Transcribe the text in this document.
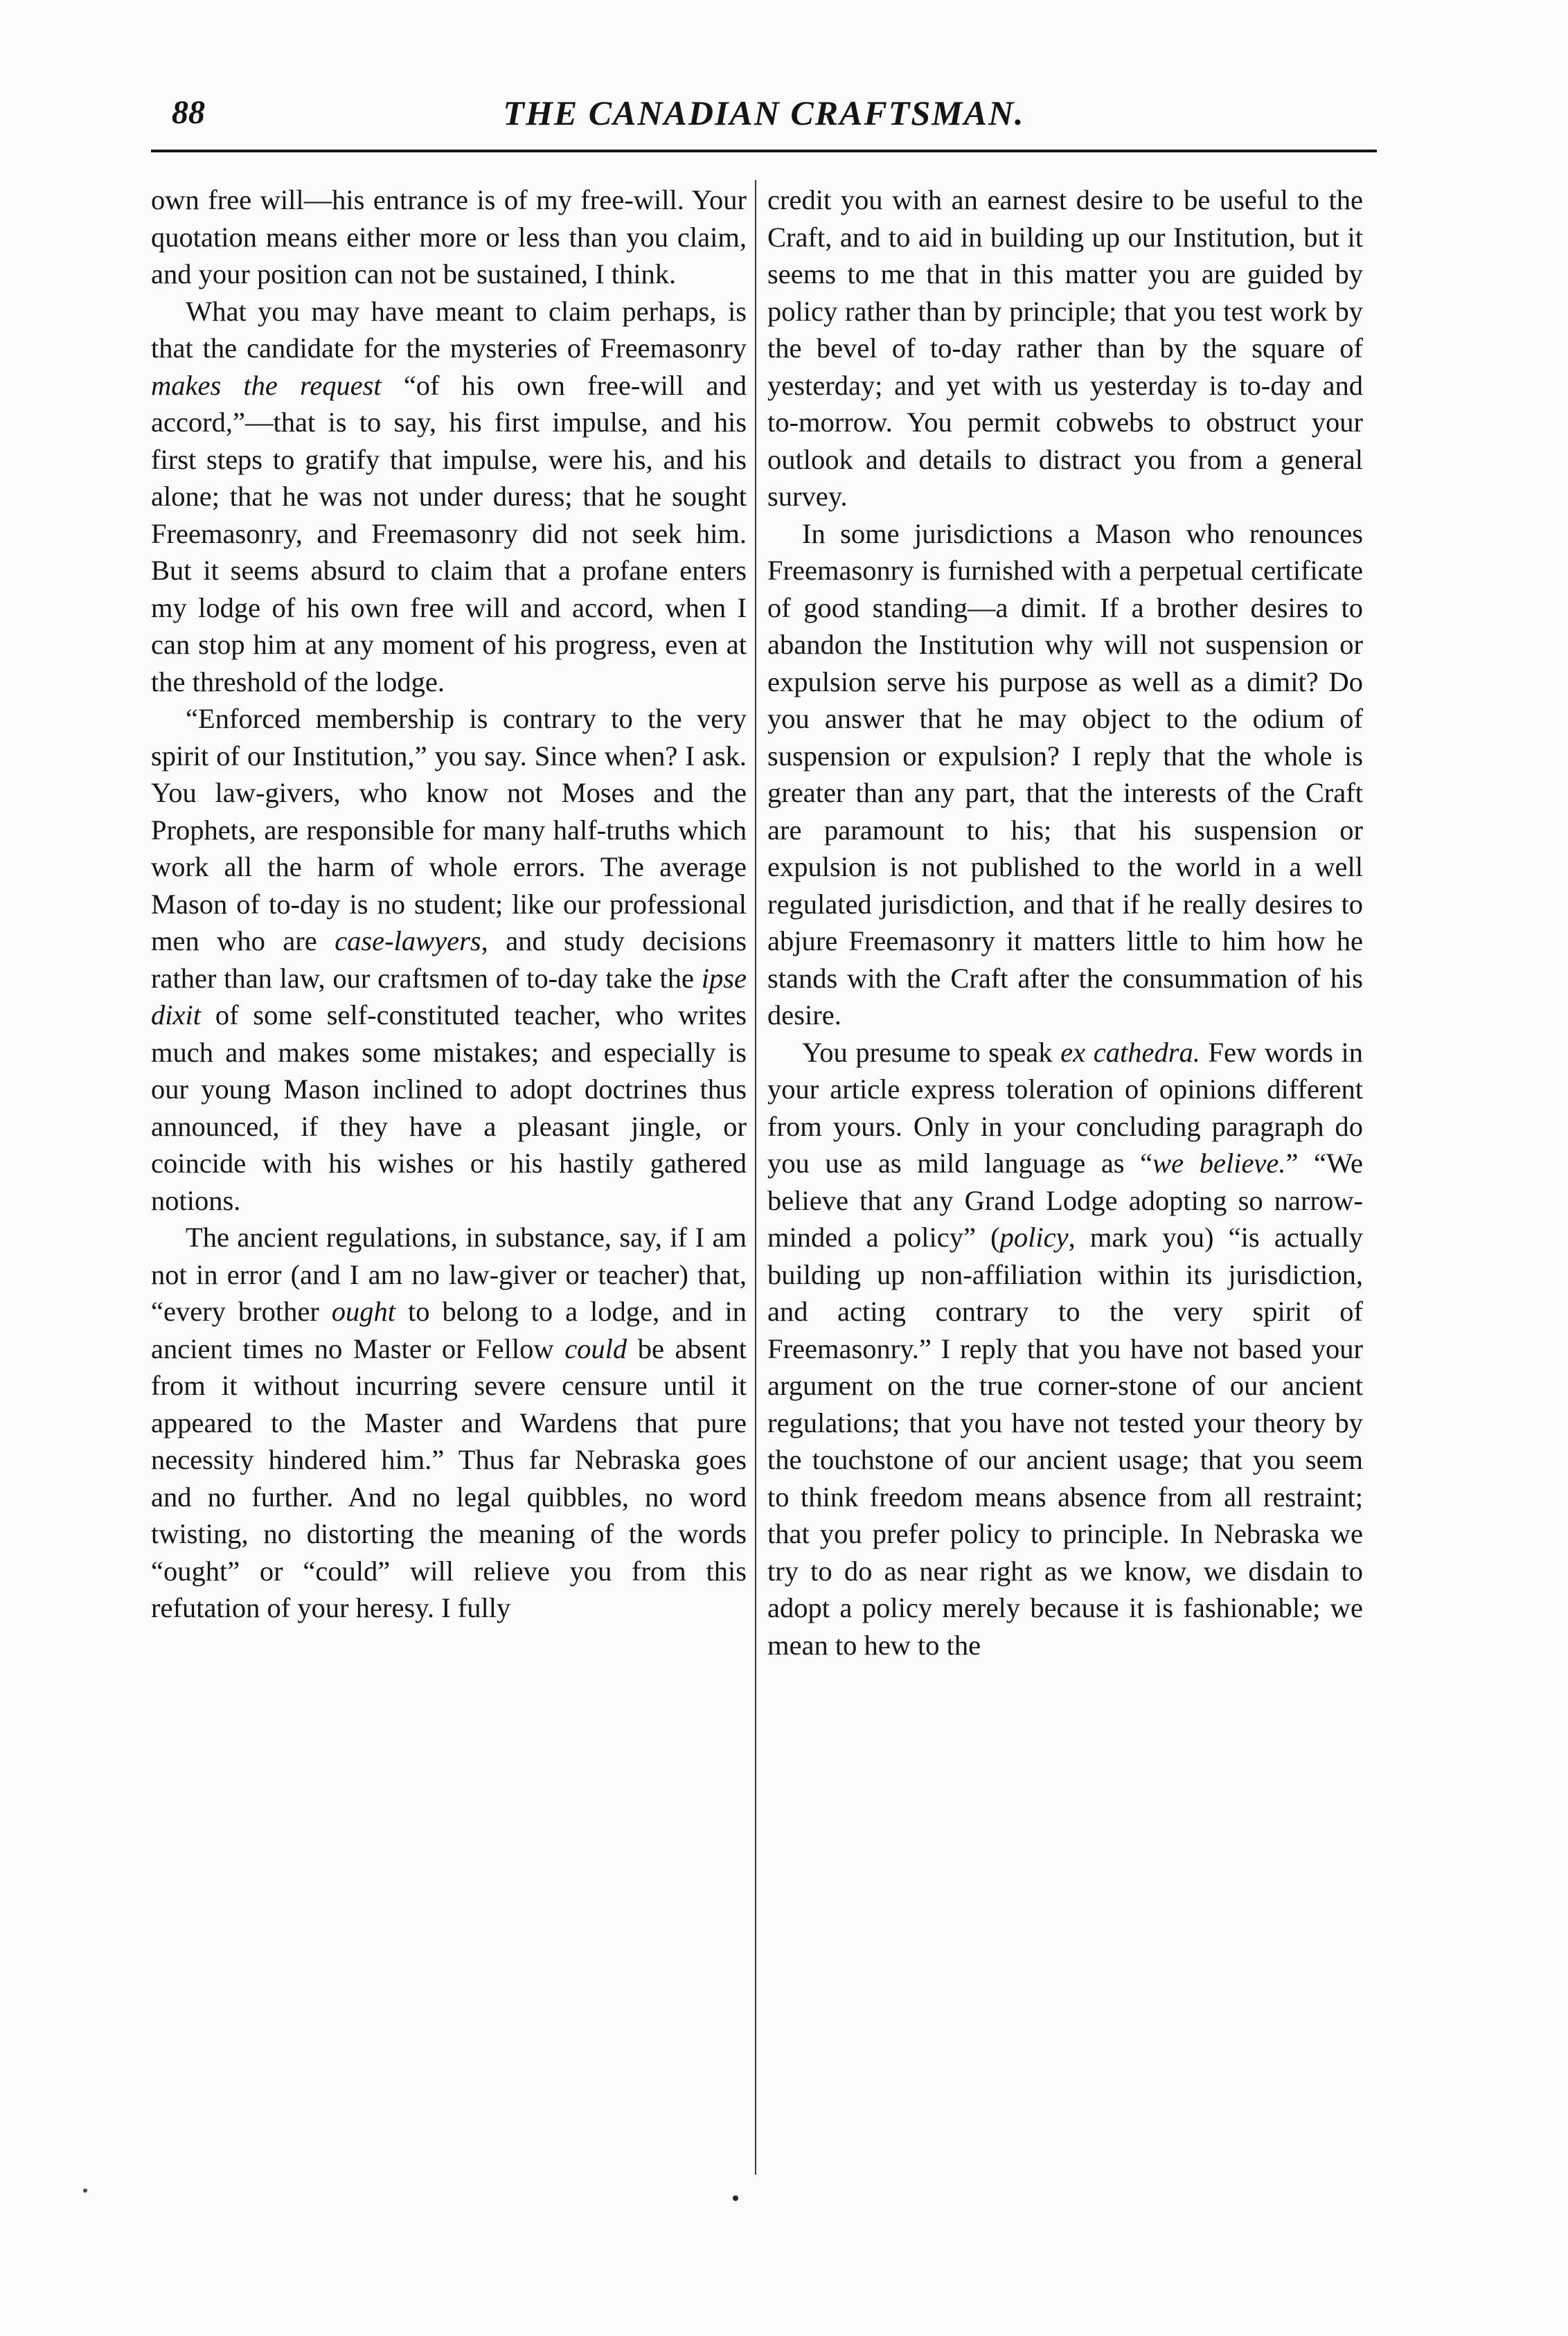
88	THE CANADIAN CRAFTSMAN.

own free will—his entrance is of my free-will. Your quotation means either more or less than you claim, and your position can not be sustained, I think.

What you may have meant to claim perhaps, is that the candidate for the mysteries of Freemasonry makes the request “of his own free-will and accord,”—that is to say, his first impulse, and his first steps to gratify that impulse, were his, and his alone; that he was not under duress; that he sought Freemasonry, and Freemasonry did not seek him. But it seems absurd to claim that a profane enters my lodge of his own free will and accord, when I can stop him at any moment of his progress, even at the threshold of the lodge.

“Enforced membership is contrary to the very spirit of our Institution,” you say. Since when? I ask. You law-givers, who know not Moses and the Prophets, are responsible for many half-truths which work all the harm of whole errors. The average Mason of to-day is no student; like our professional men who are case-lawyers, and study decisions rather than law, our craftsmen of to-day take the ipse dixit of some self-constituted teacher, who writes much and makes some mistakes; and especially is our young Mason inclined to adopt doctrines thus announced, if they have a pleasant jingle, or coincide with his wishes or his hastily gathered notions.

The ancient regulations, in substance, say, if I am not in error (and I am no law-giver or teacher) that, “every brother ought to belong to a lodge, and in ancient times no Master or Fellow could be absent from it without incurring severe censure until it appeared to the Master and Wardens that pure necessity hindered him.” Thus far Nebraska goes and no further. And no legal quibbles, no word twisting, no distorting the meaning of the words “ought” or “could” will relieve you from this refutation of your heresy. I fully

credit you with an earnest desire to be useful to the Craft, and to aid in building up our Institution, but it seems to me that in this matter you are guided by policy rather than by principle; that you test work by the bevel of to-day rather than by the square of yesterday; and yet with us yesterday is to-day and to-morrow. You permit cobwebs to obstruct your outlook and details to distract you from a general survey.

In some jurisdictions a Mason who renounces Freemasonry is furnished with a perpetual certificate of good standing—a dimit. If a brother desires to abandon the Institution why will not suspension or expulsion serve his purpose as well as a dimit? Do you answer that he may object to the odium of suspension or expulsion? I reply that the whole is greater than any part, that the interests of the Craft are paramount to his; that his suspension or expulsion is not published to the world in a well regulated jurisdiction, and that if he really desires to abjure Freemasonry it matters little to him how he stands with the Craft after the consummation of his desire.

You presume to speak ex cathedra. Few words in your article express toleration of opinions different from yours. Only in your concluding paragraph do you use as mild language as “we believe.” “We believe that any Grand Lodge adopting so narrow-minded a policy” (policy, mark you) “is actually building up non-affiliation within its jurisdiction, and acting contrary to the very spirit of Freemasonry.” I reply that you have not based your argument on the true corner-stone of our ancient regulations; that you have not tested your theory by the touchstone of our ancient usage; that you seem to think freedom means absence from all restraint; that you prefer policy to principle. In Nebraska we try to do as near right as we know, we disdain to adopt a policy merely because it is fashionable; we mean to hew to the
